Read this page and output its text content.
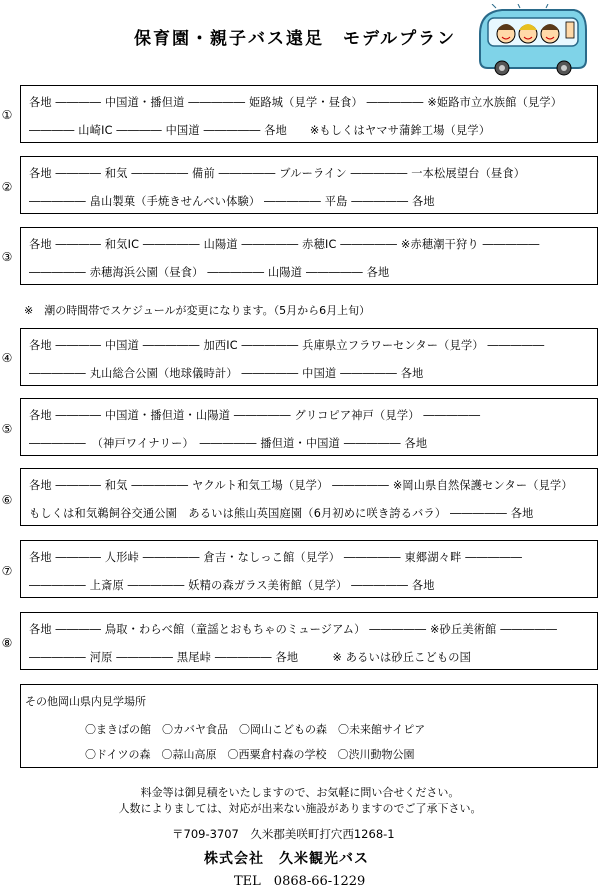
保育園・親子バス遠足　モデルプラン
①
各地 ―――― 中国道・播但道 ――――― 姫路城（見学・昼食） ――――― ※姫路市立水族館（見学）
―――― 山崎IC ―――― 中国道 ――――― 各地　　※もしくはヤマサ蒲鉾工場（見学）
②
各地 ―――― 和気 ――――― 備前 ――――― ブルーライン ――――― 一本松展望台（昼食）
――――― 畠山製菓（手焼きせんべい体験） ――――― 平島 ――――― 各地
③
各地 ―――― 和気IC ――――― 山陽道 ――――― 赤穂IC ――――― ※赤穂潮干狩り ―――――
――――― 赤穂海浜公園（昼食） ――――― 山陽道 ――――― 各地
※　潮の時間帯でスケジュールが変更になります。（5月から6月上旬）
④
各地 ―――― 中国道 ――――― 加西IC ――――― 兵庫県立フラワーセンター（見学） ―――――
――――― 丸山総合公園（地球儀時計） ――――― 中国道 ――――― 各地
⑤
各地 ―――― 中国道・播但道・山陽道 ――――― グリコピア神戸（見学） ―――――
―――――　（神戸ワイナリー）　――――― 播但道・中国道 ――――― 各地
⑥
各地 ―――― 和気 ――――― ヤクルト和気工場（見学） ――――― ※岡山県自然保護センター（見学）
もしくは和気鵜飼谷交通公園　あるいは熊山英国庭園（6月初めに咲き誇るバラ） ――――― 各地
⑦
各地 ―――― 人形峠 ――――― 倉吉・なしっこ館（見学） ――――― 東郷湖々畔 ―――――
――――― 上斎原 ――――― 妖精の森ガラス美術館（見学） ――――― 各地
⑧
各地 ―――― 鳥取・わらべ館（童謡とおもちゃのミュージアム） ――――― ※砂丘美術館 ―――――
――――― 河原 ――――― 黒尾峠 ――――― 各地　　　※ あるいは砂丘こどもの国
その他岡山県内見学場所
〇まきばの館　〇カバヤ食品　〇岡山こどもの森　〇未来館サイピア
〇ドイツの森　〇蒜山高原　〇西粟倉村森の学校　〇渋川動物公園
料金等は御見積をいたしますので、お気軽に問い合せください。
人数によりましては、対応が出来ない施設がありますのでご了承下さい。
〒709-3707　久米郡美咲町打穴西1268-1
株式会社　久米観光バス
TEL　0868-66-1229
